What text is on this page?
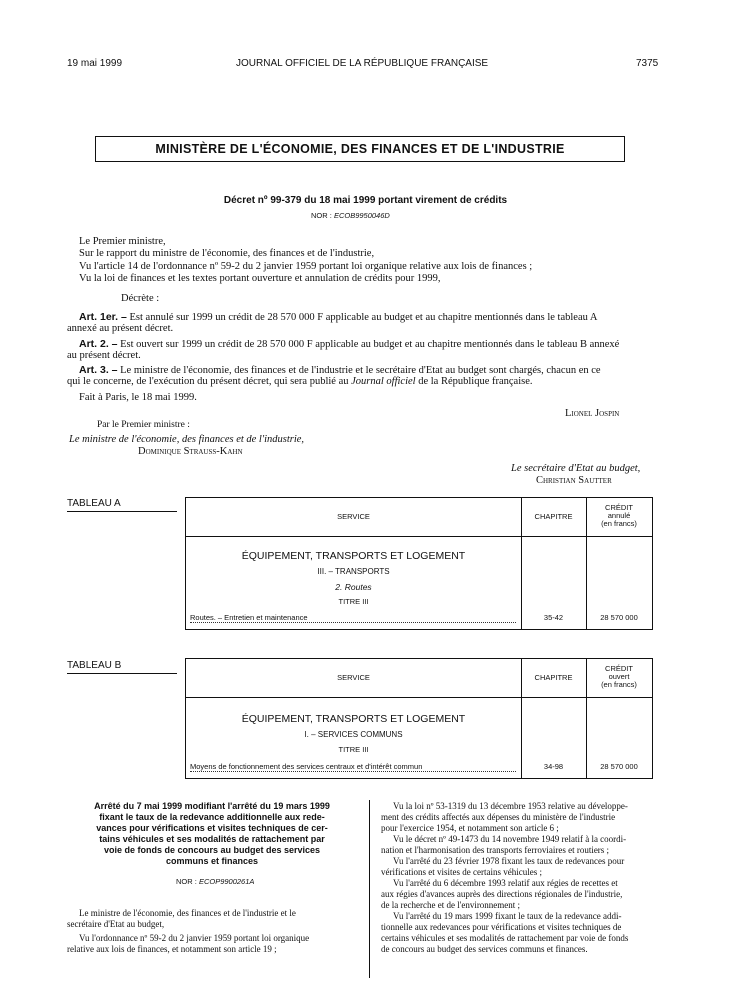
19 mai 1999	JOURNAL OFFICIEL DE LA RÉPUBLIQUE FRANÇAISE	7375
MINISTÈRE DE L'ÉCONOMIE, DES FINANCES ET DE L'INDUSTRIE
Décret nº 99-379 du 18 mai 1999 portant virement de crédits
NOR : ECOB9950046D
Le Premier ministre,
Sur le rapport du ministre de l'économie, des finances et de l'industrie,
Vu l'article 14 de l'ordonnance nº 59-2 du 2 janvier 1959 portant loi organique relative aux lois de finances ;
Vu la loi de finances et les textes portant ouverture et annulation de crédits pour 1999,
Décrète :
Art. 1er. – Est annulé sur 1999 un crédit de 28 570 000 F applicable au budget et au chapitre mentionnés dans le tableau A
annexé au présent décret.
Art. 2. – Est ouvert sur 1999 un crédit de 28 570 000 F applicable au budget et au chapitre mentionnés dans le tableau B annexé
au présent décret.
Art. 3. – Le ministre de l'économie, des finances et de l'industrie et le secrétaire d'Etat au budget sont chargés, chacun en ce
qui le concerne, de l'exécution du présent décret, qui sera publié au Journal officiel de la République française.
Fait à Paris, le 18 mai 1999.
Lionel Jospin
Par le Premier ministre :
Le ministre de l'économie, des finances et de l'industrie,
Dominique Strauss-Kahn
Le secrétaire d'Etat au budget,
Christian Sautter
TABLEAU A
SERVICE	CHAPITRE
CRÉDIT
annulé
(en francs)
ÉQUIPEMENT, TRANSPORTS ET LOGEMENT
III. – TRANSPORTS
2. Routes
TITRE III
Routes. – Entretien et maintenance	35-42	28 570 000
TABLEAU B
SERVICE	CHAPITRE
CRÉDIT
ouvert
(en francs)
ÉQUIPEMENT, TRANSPORTS ET LOGEMENT
I. – SERVICES COMMUNS
TITRE III
Moyens de fonctionnement des services centraux et d'intérêt commun	34-98	28 570 000
Arrêté du 7 mai 1999 modifiant l'arrêté du 19 mars 1999
fixant le taux de la redevance additionnelle aux rede-
vances pour vérifications et visites techniques de cer-
tains véhicules et ses modalités de rattachement par
voie de fonds de concours au budget des services
communs et finances
NOR : ECOP9900261A
Le ministre de l'économie, des finances et de l'industrie et le
secrétaire d'Etat au budget,
Vu l'ordonnance nº 59-2 du 2 janvier 1959 portant loi organique
relative aux lois de finances, et notamment son article 19 ;
Vu la loi nº 53-1319 du 13 décembre 1953 relative au développe-
ment des crédits affectés aux dépenses du ministère de l'industrie
pour l'exercice 1954, et notamment son article 6 ;
Vu le décret nº 49-1473 du 14 novembre 1949 relatif à la coordi-
nation et l'harmonisation des transports ferroviaires et routiers ;
Vu l'arrêté du 23 février 1978 fixant les taux de redevances pour
vérifications et visites de certains véhicules ;
Vu l'arrêté du 6 décembre 1993 relatif aux régies de recettes et
aux régies d'avances auprès des directions régionales de l'industrie,
de la recherche et de l'environnement ;
Vu l'arrêté du 19 mars 1999 fixant le taux de la redevance addi-
tionnelle aux redevances pour vérifications et visites techniques de
certains véhicules et ses modalités de rattachement par voie de fonds
de concours au budget des services communs et finances.
